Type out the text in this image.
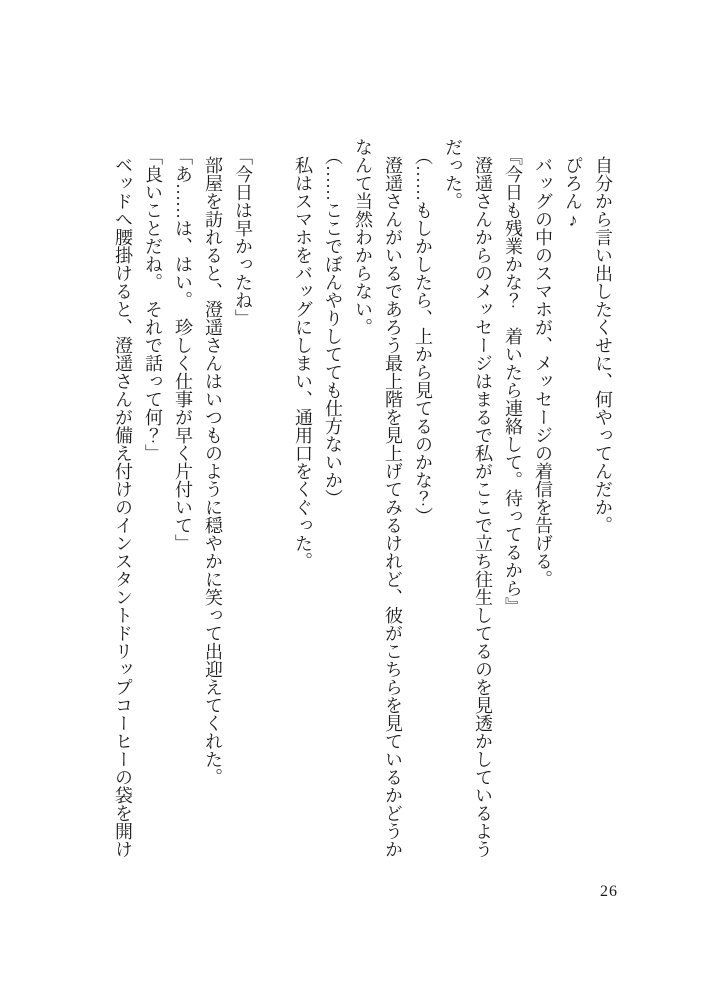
自分から言い出したくせに、何やってんだか。

ぴろん♪

バッグの中のスマホが、メッセージの着信を告げる。

『今日も残業かな？　着いたら連絡して。待ってるから』

澄遥さんからのメッセージはまるで私がここで立ち往生してるのを見透かしているようだった。

（……もしかしたら、上から見てるのかな？）

澄遥さんがいるであろう最上階を見上げてみるけれど、彼がこちらを見ているかどうかなんて当然わからない。

（……ここでぼんやりしてても仕方ないか）

私はスマホをバッグにしまい、通用口をくぐった。

「今日は早かったね」

部屋を訪れると、澄遥さんはいつものように穏やかに笑って出迎えてくれた。

「あ……は、はい。　珍しく仕事が早く片付いて」

「良いことだね。　それで話って何？」

ベッドへ腰掛けると、澄遥さんが備え付けのインスタントドリップコーヒーの袋を開け

26
